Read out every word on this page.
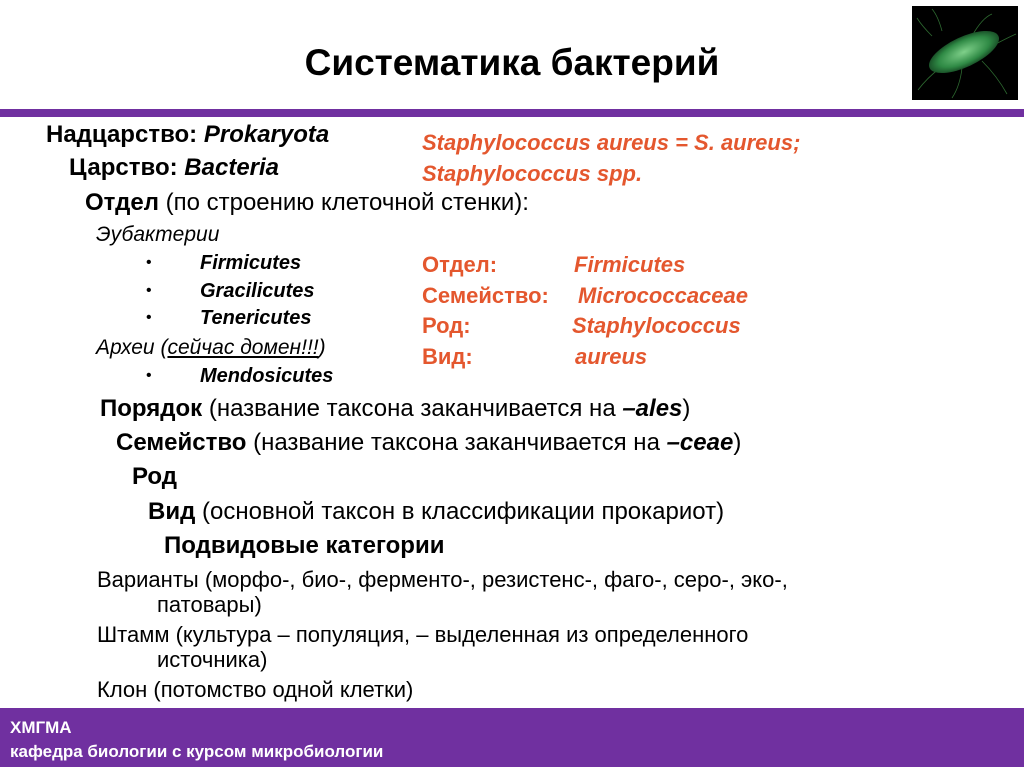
Систематика бактерий
Надцарство: Prokaryota
Царство: Bacteria
Отдел (по строению клеточной стенки):
Эубактерии
• Firmicutes
• Gracilicutes
• Tenericutes
Археи (сейчас домен!!!)
• Mendosicutes
Staphylococcus aureus = S. aureus;
Staphylococcus spp.
Отдел:	Firmicutes
Семейство: Micrococcaceae
Род:	Staphylococcus
Вид:	aureus
Порядок (название таксона заканчивается на –ales)
Семейство (название таксона заканчивается на –ceae)
Род
Вид (основной таксон в классификации прокариот)
Подвидовые категории
Варианты (морфо-, био-, ферменто-, резистенс-, фаго-, серо-, эко-,
патовары)
Штамм (культура – популяция, – выделенная из определенного
источника)
Клон (потомство одной клетки)
ХМГМА
кафедра биологии с курсом микробиологии
